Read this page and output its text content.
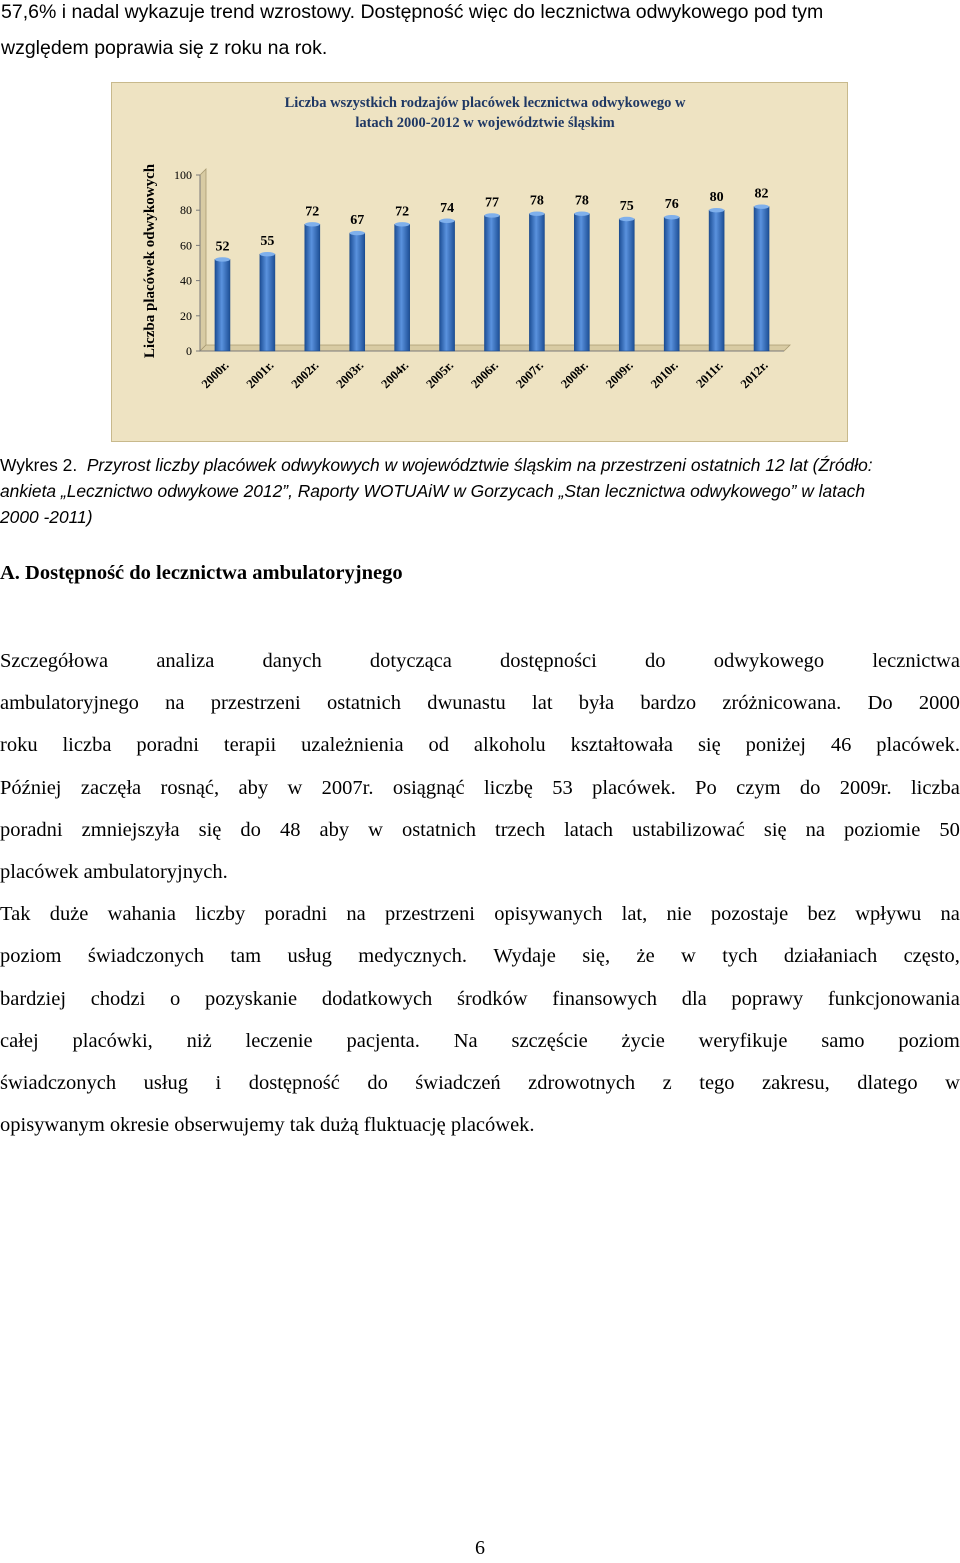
57,6% i nadal wykazuje trend wzrostowy. Dostępność więc do lecznictwa odwykowego pod tym
względem poprawia się z roku na rok.
Liczba wszystkich rodzajów placówek lecznictwa odwykowego w
latach 2000-2012 w województwie śląskim
Liczba placówek odwykowych 0
20
40
60
80
100
52
2000r.
55
2001r.
72
2002r.
67
2003r.
72
2004r.
74
2005r.
77
2006r.
78
2007r.
78
2008r.
75
2009r.
76
2010r.
80
2011r.
82
2012r.
Wykres 2. Przyrost liczby placówek odwykowych w województwie śląskim na przestrzeni ostatnich 12 lat (Źródło:
ankieta „Lecznictwo odwykowe 2012”, Raporty WOTUAiW w Gorzycach „Stan lecznictwa odwykowego” w latach
2000 -2011)
A. Dostępność do lecznictwa ambulatoryjnego
Szczegółowa analiza danych dotycząca dostępności do odwykowego lecznictwa
ambulatoryjnego na przestrzeni ostatnich dwunastu lat była bardzo zróżnicowana. Do 2000
roku liczba poradni terapii uzależnienia od alkoholu kształtowała się poniżej 46 placówek.
Później zaczęła rosnąć, aby w 2007r. osiągnąć liczbę 53 placówek. Po czym do 2009r. liczba
poradni zmniejszyła się do 48 aby w ostatnich trzech latach ustabilizować się na poziomie 50
placówek ambulatoryjnych.
Tak duże wahania liczby poradni na przestrzeni opisywanych lat, nie pozostaje bez wpływu na
poziom świadczonych tam usług medycznych. Wydaje się, że w tych działaniach często,
bardziej chodzi o pozyskanie dodatkowych środków finansowych dla poprawy funkcjonowania
całej placówki, niż leczenie pacjenta. Na szczęście życie weryfikuje samo poziom
świadczonych usług i dostępność do świadczeń zdrowotnych z tego zakresu, dlatego w
opisywanym okresie obserwujemy tak dużą fluktuację placówek.
6
